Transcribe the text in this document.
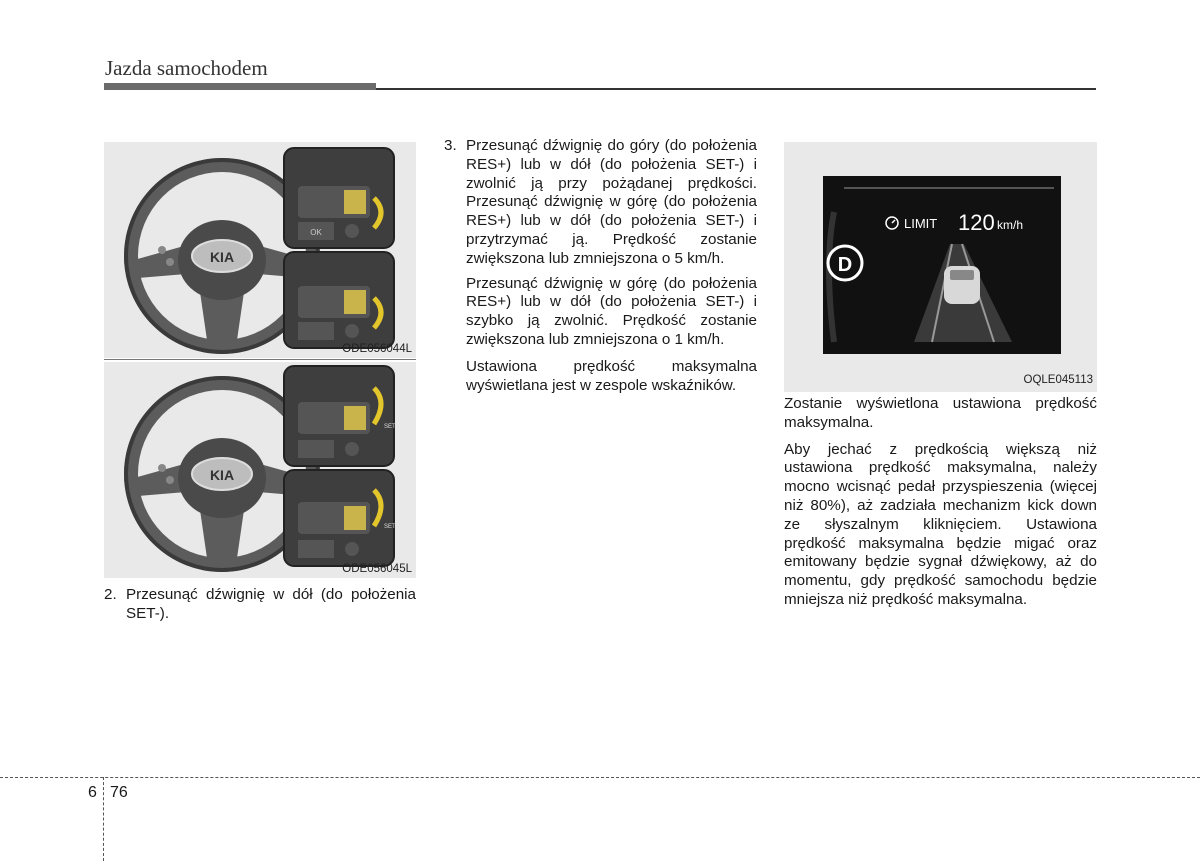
Jazda samochodem
KIA
OK
ODE056044L
KIA
SET
SET
ODE056045L
2. Przesunąć dźwignię w dół (do położenia SET-).
3. Przesunąć dźwignię do góry (do położenia RES+) lub w dół (do położenia SET-) i zwolnić ją przy pożądanej prędkości. Przesunąć dźwignię w górę (do położenia RES+) lub w dół (do położenia SET-) i przytrzymać ją. Prędkość zostanie zwiększona lub zmniejszona o 5 km/h.

Przesunąć dźwignię w górę (do położenia RES+) lub w dół (do położenia SET-) i szybko ją zwolnić. Prędkość zostanie zwiększona lub zmniejszona o 1 km/h.

Ustawiona prędkość maksymalna wyświetlana jest w zespole wskaźników.

D
LIMIT 120 km/h
OQLE045113

Zostanie wyświetlona ustawiona prędkość maksymalna.

Aby jechać z prędkością większą niż ustawiona prędkość maksymalna, należy mocno wcisnąć pedał przyspieszenia (więcej niż 80%), aż zadziała mechanizm kick down ze słyszalnym kliknięciem. Ustawiona prędkość maksymalna będzie migać oraz emitowany będzie sygnał dźwiękowy, aż do momentu, gdy prędkość samochodu będzie mniejsza niż prędkość maksymalna.

6 76
